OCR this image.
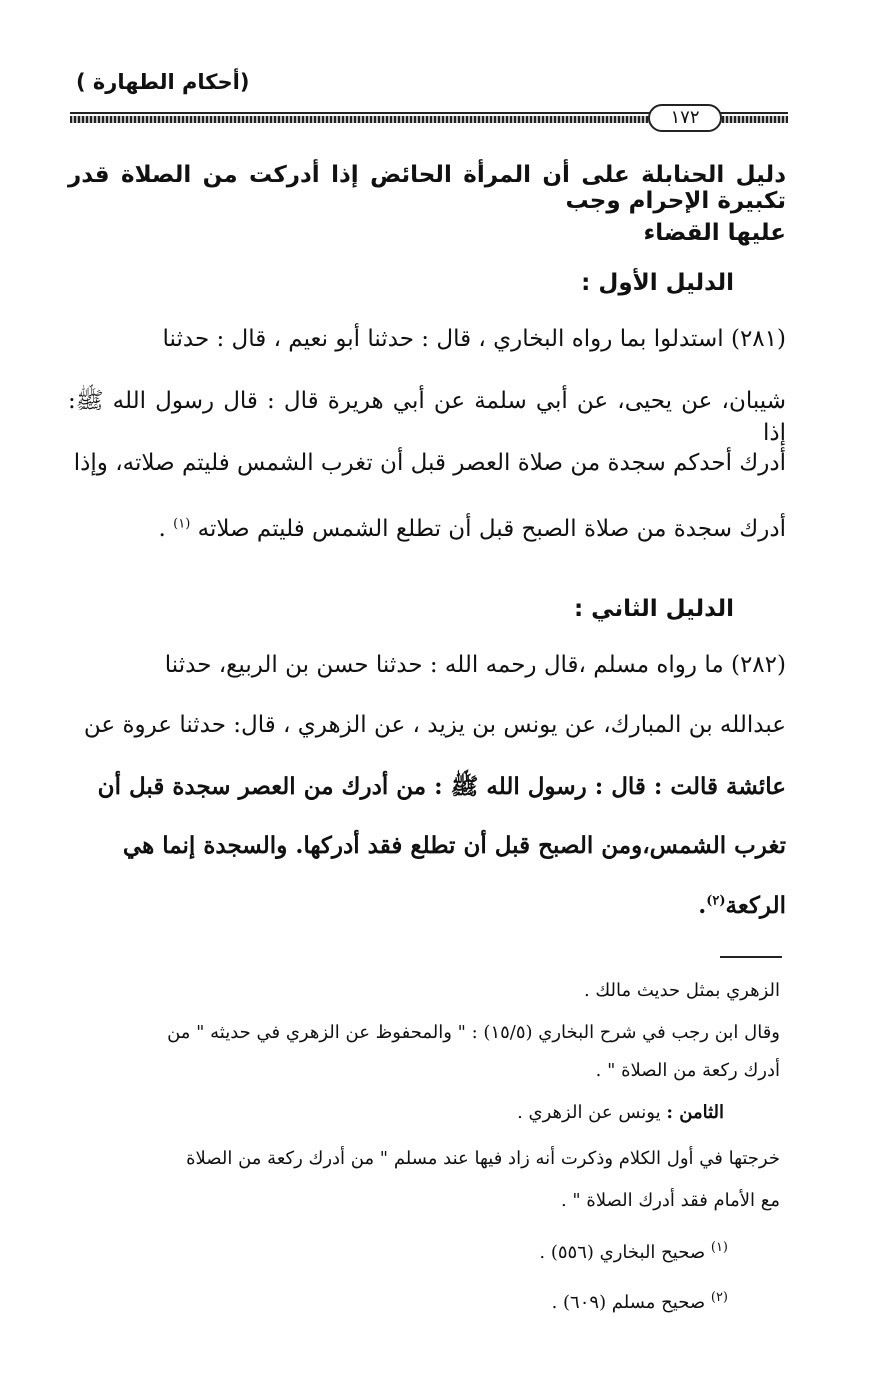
(أحكام الطهارة )
١٧٢
دليل الحنابلة على أن المرأة الحائض إذا أدركت من الصلاة قدر تكبيرة الإحرام وجب
عليها القضاء
الدليل الأول :
(٢٨١) استدلوا بما رواه البخاري ، قال : حدثنا أبو نعيم ، قال : حدثنا
شيبان، عن يحيى، عن أبي سلمة عن أبي هريرة قال : قال رسول الله ﷺ: إذا
أدرك أحدكم سجدة من صلاة العصر قبل أن تغرب الشمس فليتم صلاته، وإذا
أدرك سجدة من صلاة الصبح قبل أن تطلع الشمس فليتم صلاته $^{(١)}$ .
الدليل الثاني :
(٢٨٢) ما رواه مسلم ،قال رحمه الله : حدثنا حسن بن الربيع، حدثنا
عبدالله بن المبارك، عن يونس بن يزيد ، عن الزهري ، قال: حدثنا عروة عن
عائشة قالت : قال : رسول الله ﷺ : من أدرك من العصر سجدة قبل أن
تغرب الشمس،ومن الصبح قبل أن تطلع فقد أدركها. والسجدة إنما هي
الركعة$^{(٢)}$.
الزهري بمثل حديث مالك .
وقال ابن رجب في شرح البخاري (١٥/٥) : " والمحفوظ عن الزهري في حديثه " من
أدرك ركعة من الصلاة " .
الثامن : يونس عن الزهري .
خرجتها في أول الكلام وذكرت أنه زاد فيها عند مسلم " من أدرك ركعة من الصلاة
مع الأمام فقد أدرك الصلاة " .
$^{(١)}$ صحيح البخاري (٥٥٦) .
$^{(٢)}$ صحيح مسلم (٦٠٩) .
